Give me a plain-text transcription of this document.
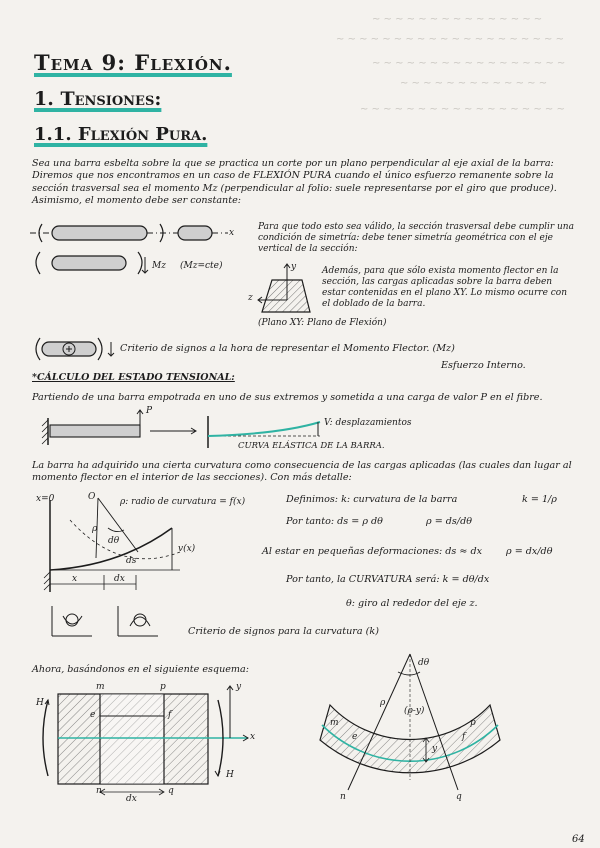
~ ~ ~ ~ ~ ~ ~ ~ ~ ~ ~ ~ ~ ~ ~
~ ~ ~ ~ ~ ~ ~ ~ ~ ~ ~ ~ ~ ~ ~ ~ ~ ~ ~ ~
~ ~ ~ ~ ~ ~ ~ ~ ~ ~ ~ ~ ~ ~ ~ ~ ~
~ ~ ~ ~ ~ ~ ~ ~ ~ ~ ~ ~ ~
~ ~ ~ ~ ~ ~ ~ ~ ~ ~ ~ ~ ~ ~ ~ ~ ~ ~
Tema 9: Flexión.
1. Tensiones:
1.1. Flexión Pura.
Sea una barra esbelta sobre la que se practica un corte por un plano perpendicular al eje axial de la barra: Diremos que nos encontramos en un caso de FLEXIÓN PURA cuando el único esfuerzo remanente sobre la sección trasversal sea el momento Mz (perpendicular al folio: suele representarse por el giro que produce). Asimismo, el momento debe ser constante:
x
Mz (Mz=cte)
Para que todo esto sea válido, la sección trasversal debe cumplir una condición de simetría: debe tener simetría geométrica con el eje vertical de la sección:
y
z
(Plano XY: Plano de Flexión)
Además, para que sólo exista momento flector en la sección, las cargas aplicadas sobre la barra deben estar contenidas en el plano XY. Lo mismo ocurre con el doblado de la barra.
Criterio de signos a la hora de representar el Momento Flector. (Mz)
Esfuerzo Interno.
*CÁLCULO DEL ESTADO TENSIONAL:
Partiendo de una barra empotrada en uno de sus extremos y sometida a una carga de valor P en el fibre.
P
V: desplazamientos
CURVA ELÁSTICA DE LA BARRA.
La barra ha adquirido una cierta curvatura como consecuencia de las cargas aplicadas (las cuales dan lugar al momento flector en el interior de las secciones). Con más detalle:
x=0	O	ρ: radio de curvatura = f(x)
ρ
dθ
ds
v(x)
x	dx
Definimos: k: curvatura de la barra	k = 1/ρ
Por tanto: ds = ρ dθ	ρ = ds/dθ
Al estar en pequeñas deformaciones: ds ≈ dx ρ = dx/dθ
Por tanto, la CURVATURA será: k = dθ/dx
θ: giro al rededor del eje z.
Criterio de signos para la curvatura (k)
Ahora, basándonos en el siguiente esquema:
m	p
e	f
n	q
H
H
dx
x
y
dθ
ρ
(ρ-y)
y
m
n
p
q
e	f
64
